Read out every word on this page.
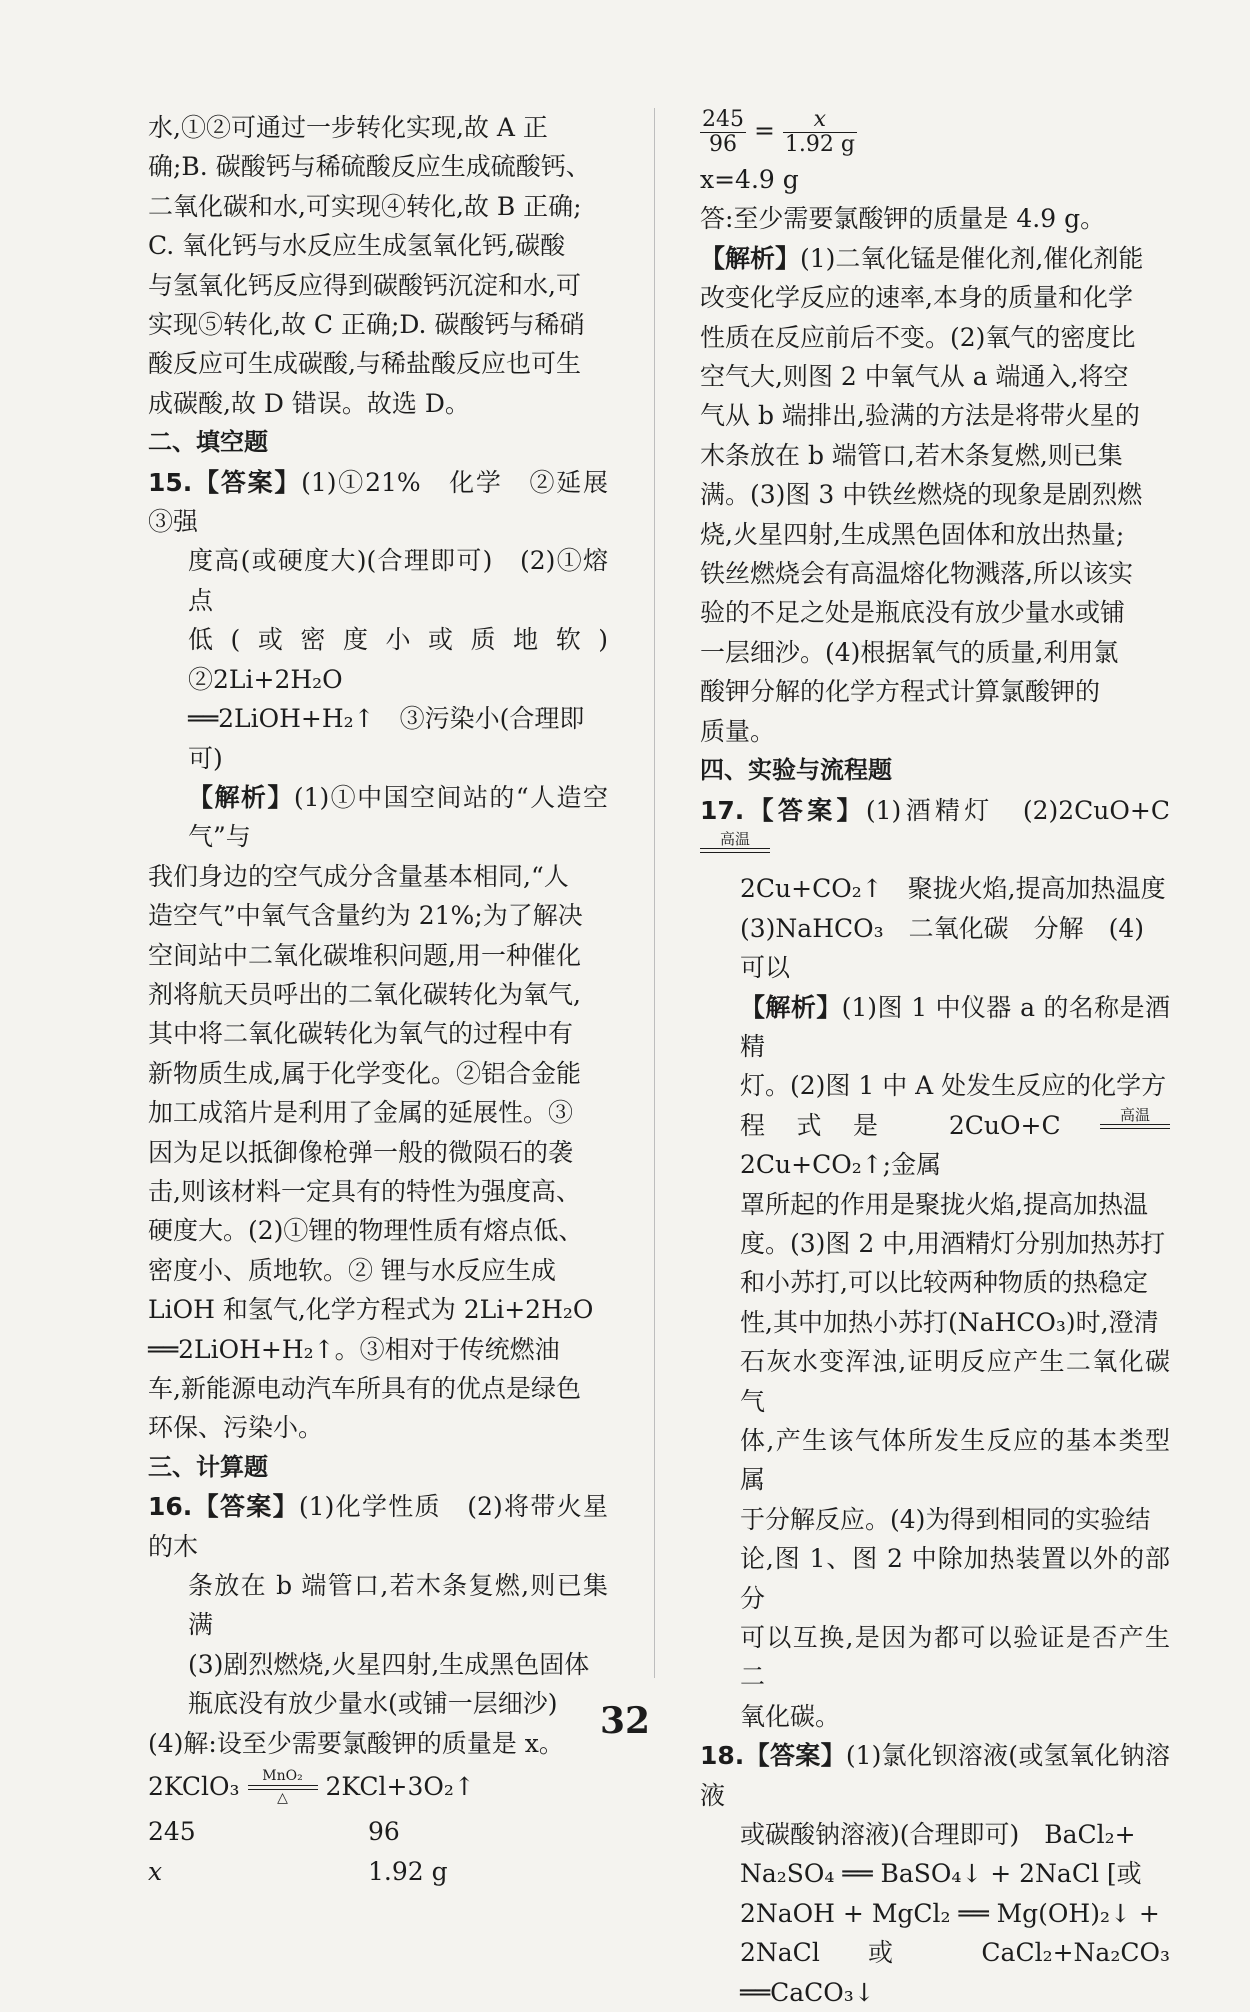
水,①②可通过一步转化实现,故 A 正

确;B. 碳酸钙与稀硫酸反应生成硫酸钙、

二氧化碳和水,可实现④转化,故 B 正确;

C. 氧化钙与水反应生成氢氧化钙,碳酸

与氢氧化钙反应得到碳酸钙沉淀和水,可

实现⑤转化,故 C 正确;D. 碳酸钙与稀硝

酸反应可生成碳酸,与稀盐酸反应也可生

成碳酸,故 D 错误。故选 D。

二、填空题

15.【答案】(1)①21%　化学　②延展　③强

度高(或硬度大)(合理即可)　(2)①熔点

低(或密度小或质地软)　②2Li+2H₂O

══2LiOH+H₂↑　③污染小(合理即

可)

【解析】(1)①中国空间站的“人造空气”与

我们身边的空气成分含量基本相同,“人

造空气”中氧气含量约为 21%;为了解决

空间站中二氧化碳堆积问题,用一种催化

剂将航天员呼出的二氧化碳转化为氧气,

其中将二氧化碳转化为氧气的过程中有

新物质生成,属于化学变化。②铝合金能

加工成箔片是利用了金属的延展性。③

因为足以抵御像枪弹一般的微陨石的袭

击,则该材料一定具有的特性为强度高、

硬度大。(2)①锂的物理性质有熔点低、

密度小、质地软。② 锂与水反应生成

LiOH 和氢气,化学方程式为 2Li+2H₂O

══2LiOH+H₂↑。③相对于传统燃油

车,新能源电动汽车所具有的优点是绿色

环保、污染小。

三、计算题

16.【答案】(1)化学性质　(2)将带火星的木

条放在 b 端管口,若木条复燃,则已集满

(3)剧烈燃烧,火星四射,生成黑色固体

瓶底没有放少量水(或铺一层细沙)

(4)解:设至少需要氯酸钾的质量是 x。

2KClO₃	MnO₂
△	2KCl+3O₂↑
245	96
x	1.92 g
$\frac{245}{96} = \frac{x}{1.92 g}$

x=4.9 g

答:至少需要氯酸钾的质量是 4.9 g。

【解析】(1)二氧化锰是催化剂,催化剂能

改变化学反应的速率,本身的质量和化学

性质在反应前后不变。(2)氧气的密度比

空气大,则图 2 中氧气从 a 端通入,将空

气从 b 端排出,验满的方法是将带火星的

木条放在 b 端管口,若木条复燃,则已集

满。(3)图 3 中铁丝燃烧的现象是剧烈燃

烧,火星四射,生成黑色固体和放出热量;

铁丝燃烧会有高温熔化物溅落,所以该实

验的不足之处是瓶底没有放少量水或铺

一层细沙。(4)根据氧气的质量,利用氯

酸钾分解的化学方程式计算氯酸钾的

质量。

四、实验与流程题

17.【答案】(1)酒精灯　(2)2CuO+C
高温

2Cu+CO₂↑　聚拢火焰,提高加热温度

(3)NaHCO₃　二氧化碳　分解　(4)

可以

【解析】(1)图 1 中仪器 a 的名称是酒精

灯。(2)图 1 中 A 处发生反应的化学方

程式是 2CuO+C	高温
2Cu+CO₂↑;金属

罩所起的作用是聚拢火焰,提高加热温

度。(3)图 2 中,用酒精灯分别加热苏打

和小苏打,可以比较两种物质的热稳定

性,其中加热小苏打(NaHCO₃)时,澄清

石灰水变浑浊,证明反应产生二氧化碳气

体,产生该气体所发生反应的基本类型属

于分解反应。(4)为得到相同的实验结

论,图 1、图 2 中除加热装置以外的部分

可以互换,是因为都可以验证是否产生二

氧化碳。

18.【答案】(1)氯化钡溶液(或氢氧化钠溶液

或碳酸钠溶液)(合理即可)　BaCl₂+

Na₂SO₄ ══ BaSO₄↓ + 2NaCl [或

2NaOH + MgCl₂ ══ Mg(OH)₂↓ +

2NaCl 或 CaCl₂+Na₂CO₃ ══CaCO₃↓

32
